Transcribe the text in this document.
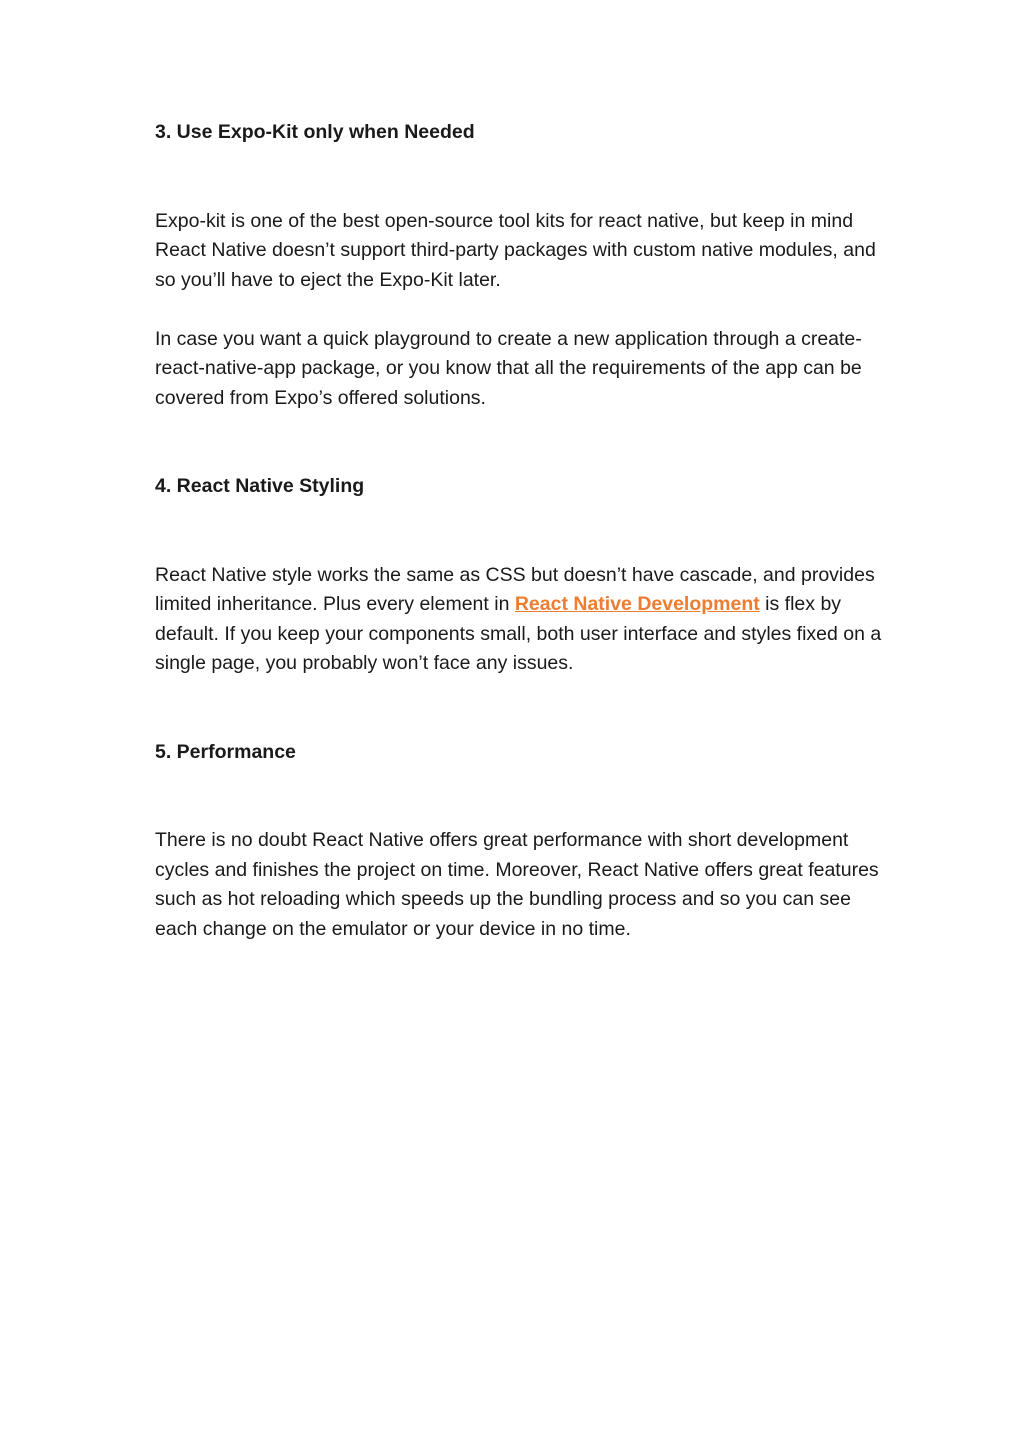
3. Use Expo-Kit only when Needed

Expo-kit is one of the best open-source tool kits for react native, but keep in mind React Native doesn’t support third-party packages with custom native modules, and so you’ll have to eject the Expo-Kit later.

In case you want a quick playground to create a new application through a create-react-native-app package, or you know that all the requirements of the app can be covered from Expo’s offered solutions.

4. React Native Styling

React Native style works the same as CSS but doesn’t have cascade, and provides limited inheritance. Plus every element in React Native Development is flex by default. If you keep your components small, both user interface and styles fixed on a single page, you probably won’t face any issues.

5. Performance

There is no doubt React Native offers great performance with short development cycles and finishes the project on time. Moreover, React Native offers great features such as hot reloading which speeds up the bundling process and so you can see each change on the emulator or your device in no time.
